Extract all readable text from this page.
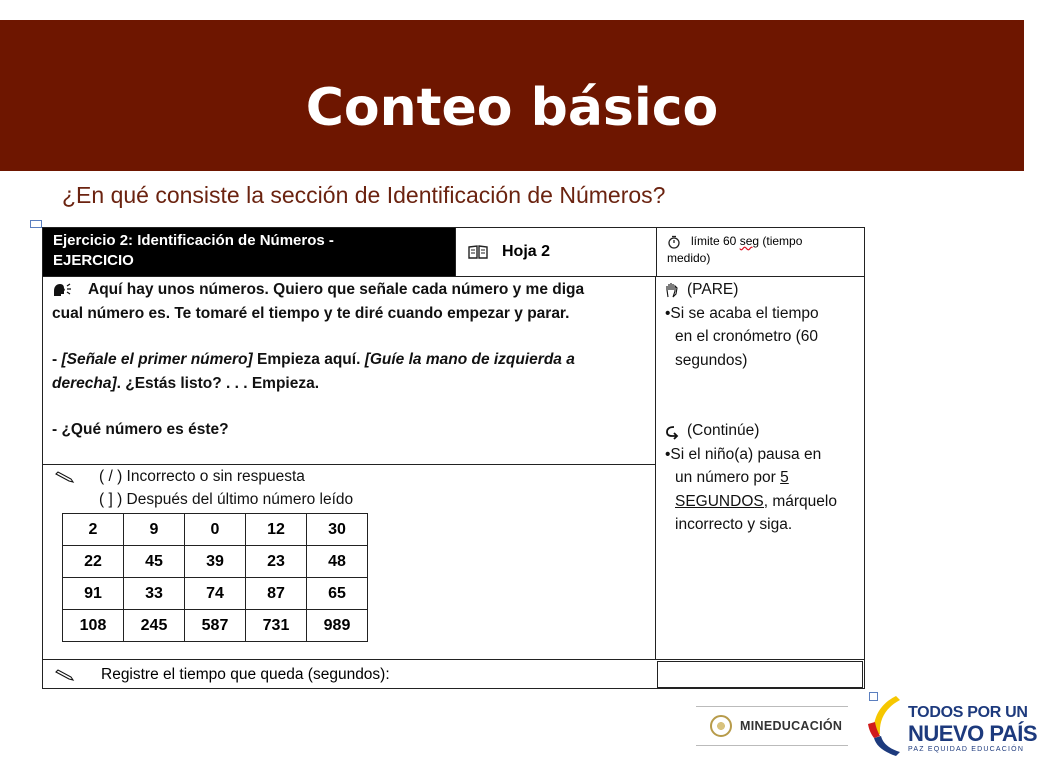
Conteo básico
¿En qué consiste la sección de Identificación de Números?
Ejercicio 2: Identificación de Números -
EJERCICIO
Hoja 2
límite 60 seg (tiempo
medido)

Aquí hay unos números. Quiero que señale cada número y me diga

cual número es. Te tomaré el tiempo y te diré cuando empezar y parar.

- [Señale el primer número] Empieza aquí. [Guíe la mano de izquierda a
derecha]. ¿Estás listo? . . . Empieza.

- ¿Qué número es éste?

(PARE)

•Si se acaba el tiempo

en el cronómetro (60

segundos)

(Continúe)

•Si el niño(a) pausa en

un número por 5

SEGUNDOS, márquelo

incorrecto y siga.

( / ) Incorrecto o sin respuesta
( ] ) Después del último número leído
2	9	0	12	30
22	45	39	23	48
91	33	74	87	65
108	245	587	731	989
Registre el tiempo que queda (segundos):
MINEDUCACIÓN
TODOS POR UN
NUEVO PAÍS
PAZ EQUIDAD EDUCACIÓN
